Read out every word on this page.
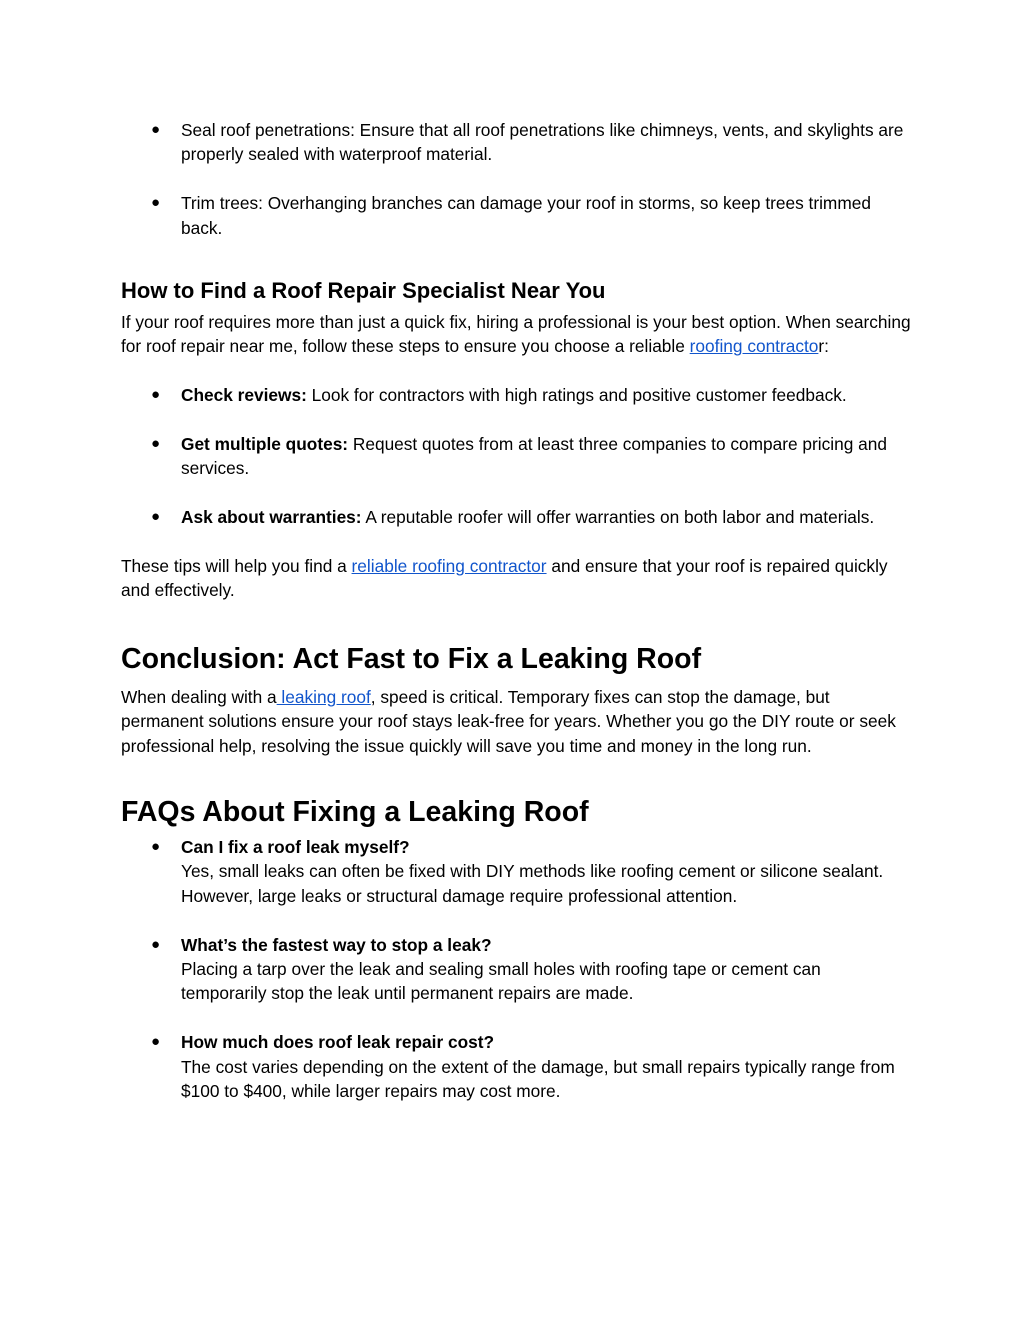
● Seal roof penetrations: Ensure that all roof penetrations like chimneys, vents, and skylights are properly sealed with waterproof material.
● Trim trees: Overhanging branches can damage your roof in storms, so keep trees trimmed back.
How to Find a Roof Repair Specialist Near You

If your roof requires more than just a quick fix, hiring a professional is your best option. When searching for roof repair near me, follow these steps to ensure you choose a reliable roofing contractor:

● Check reviews: Look for contractors with high ratings and positive customer feedback.
● Get multiple quotes: Request quotes from at least three companies to compare pricing and services.
● Ask about warranties: A reputable roofer will offer warranties on both labor and materials.

These tips will help you find a reliable roofing contractor and ensure that your roof is repaired quickly and effectively.

Conclusion: Act Fast to Fix a Leaking Roof

When dealing with a leaking roof, speed is critical. Temporary fixes can stop the damage, but permanent solutions ensure your roof stays leak-free for years. Whether you go the DIY route or seek professional help, resolving the issue quickly will save you time and money in the long run.

FAQs About Fixing a Leaking Roof
● Can I fix a roof leak myself?
Yes, small leaks can often be fixed with DIY methods like roofing cement or silicone sealant. However, large leaks or structural damage require professional attention.
● What’s the fastest way to stop a leak?
Placing a tarp over the leak and sealing small holes with roofing tape or cement can temporarily stop the leak until permanent repairs are made.
● How much does roof leak repair cost?
The cost varies depending on the extent of the damage, but small repairs typically range from $100 to $400, while larger repairs may cost more.
